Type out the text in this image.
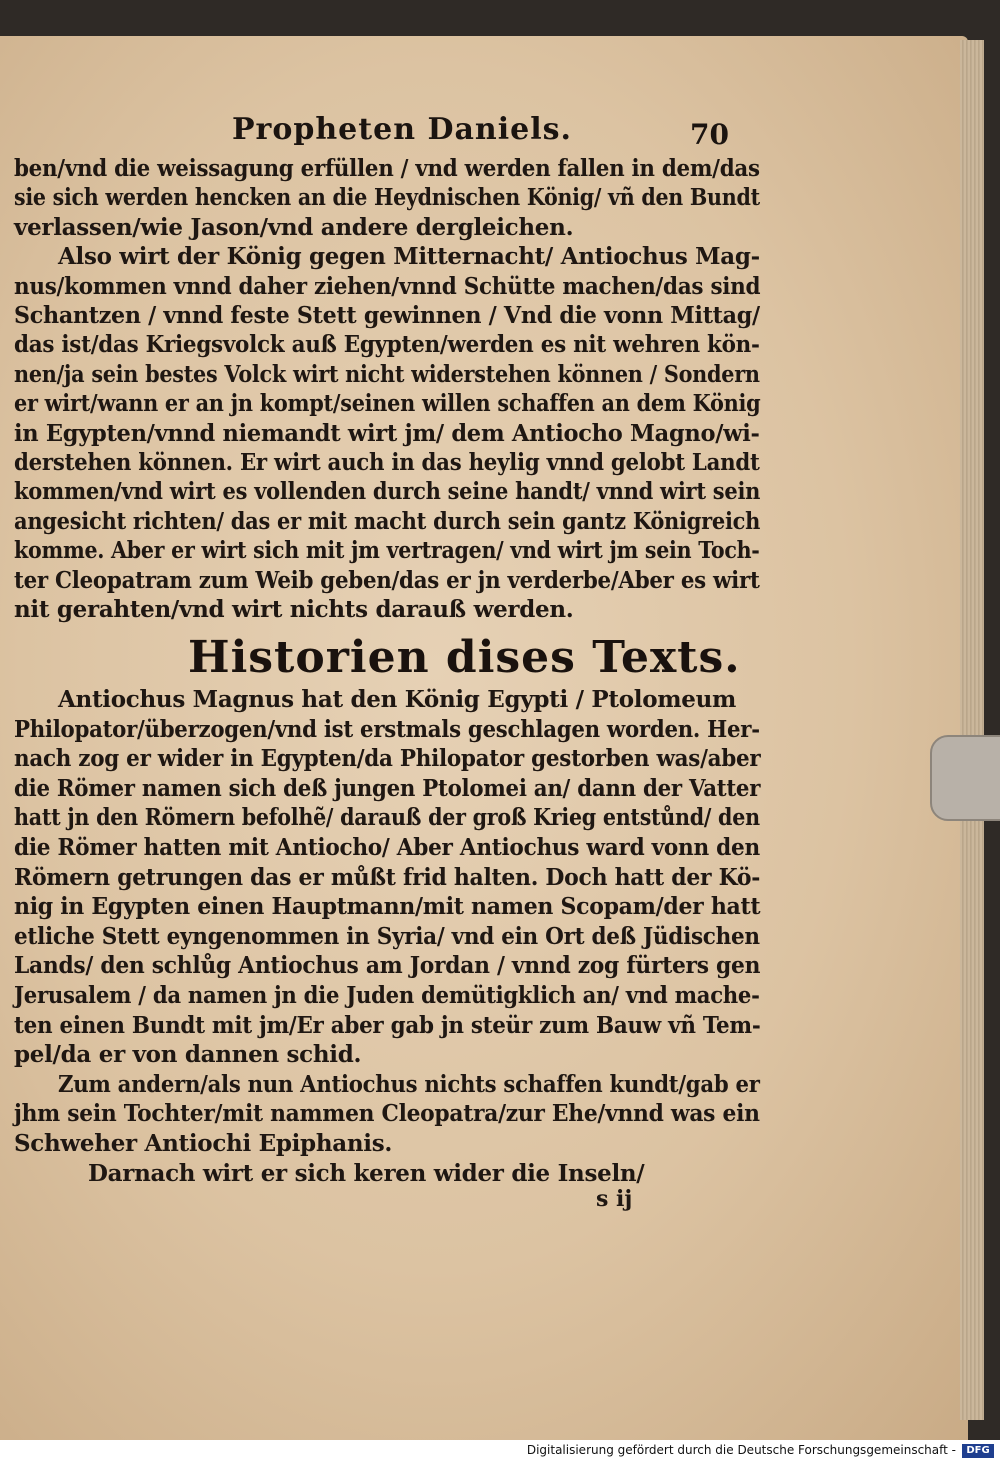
Propheten Daniels.	70
ben/vnd die weissagung erfüllen / vnd werden fallen in dem/das
sie sich werden hencken an die Heydnischen König/ vñ den Bundt
verlassen/wie Jason/vnd andere dergleichen.
Also wirt der König gegen Mitternacht/ Antiochus Mag-
nus/kommen vnnd daher ziehen/vnnd Schütte machen/das sind
Schantzen / vnnd feste Stett gewinnen / Vnd die vonn Mittag/
das ist/das Kriegsvolck auß Egypten/werden es nit wehren kön-
nen/ja sein bestes Volck wirt nicht widerstehen können / Sondern
er wirt/wann er an jn kompt/seinen willen schaffen an dem König
in Egypten/vnnd niemandt wirt jm/ dem Antiocho Magno/wi-
derstehen können. Er wirt auch in das heylig vnnd gelobt Landt
kommen/vnd wirt es vollenden durch seine handt/ vnnd wirt sein
angesicht richten/ das er mit macht durch sein gantz Königreich
komme. Aber er wirt sich mit jm vertragen/ vnd wirt jm sein Toch-
ter Cleopatram zum Weib geben/das er jn verderbe/Aber es wirt
nit gerahten/vnd wirt nichts darauß werden.
Historien dises Texts.
Antiochus Magnus hat den König Egypti / Ptolomeum
Philopator/überzogen/vnd ist erstmals geschlagen worden. Her-
nach zog er wider in Egypten/da Philopator gestorben was/aber
die Römer namen sich deß jungen Ptolomei an/ dann der Vatter
hatt jn den Römern befolhẽ/ darauß der groß Krieg entstůnd/ den
die Römer hatten mit Antiocho/ Aber Antiochus ward vonn den
Römern getrungen das er můßt frid halten. Doch hatt der Kö-
nig in Egypten einen Hauptmann/mit namen Scopam/der hatt
etliche Stett eyngenommen in Syria/ vnd ein Ort deß Jüdischen
Lands/ den schlůg Antiochus am Jordan / vnnd zog fürters gen
Jerusalem / da namen jn die Juden demütigklich an/ vnd mache-
ten einen Bundt mit jm/Er aber gab jn steür zum Bauw vñ Tem-
pel/da er von dannen schid.
Zum andern/als nun Antiochus nichts schaffen kundt/gab er
jhm sein Tochter/mit nammen Cleopatra/zur Ehe/vnnd was ein
Schweher Antiochi Epiphanis.
Darnach wirt er sich keren wider die Inseln/
s ij
Digitalisierung gefördert durch die Deutsche Forschungsgemeinschaft -	DFG
